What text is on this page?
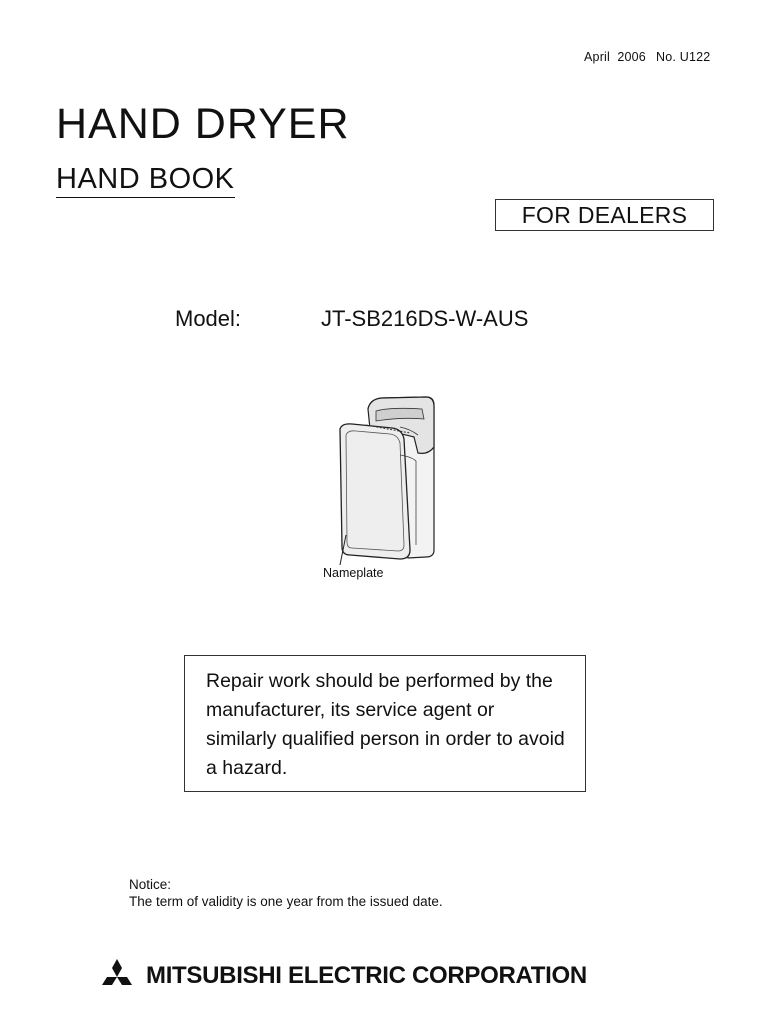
April  2006 No. U122
HAND DRYER
HAND BOOK
FOR DEALERS
Model:	JT-SB216DS-W-AUS
Nameplate
Repair work should be performed by the manufacturer, its service agent or similarly qualified person in order to avoid a hazard.
Notice:
The term of validity is one year from the issued date.
MITSUBISHI ELECTRIC CORPORATION
